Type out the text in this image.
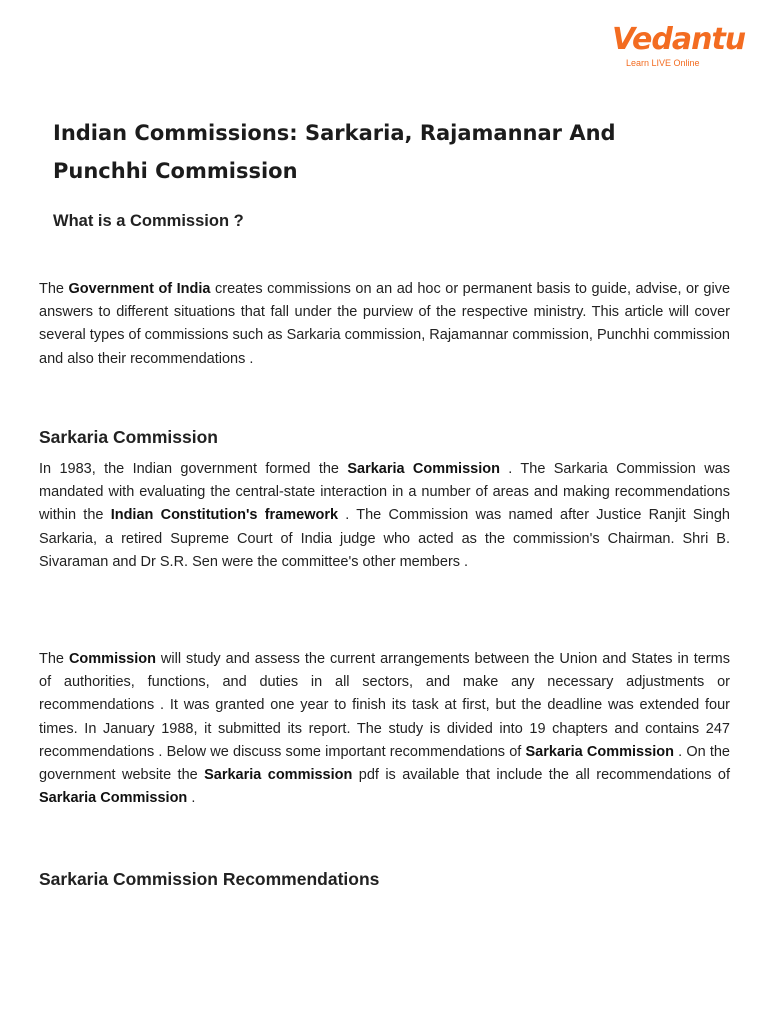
Vedantu
Learn LIVE Online
Indian Commissions: Sarkaria, Rajamannar And Punchhi Commission
What is a Commission ?

The Government of India creates commissions on an ad hoc or permanent basis to guide, advise, or give answers to different situations that fall under the purview of the respective ministry. This article will cover several types of commissions such as Sarkaria commission, Rajamannar commission, Punchhi commission and also their recommendations .

Sarkaria Commission

In 1983, the Indian government formed the Sarkaria Commission . The Sarkaria Commission was mandated with evaluating the central-state interaction in a number of areas and making recommendations within the Indian Constitution's framework . The Commission was named after Justice Ranjit Singh Sarkaria, a retired Supreme Court of India judge who acted as the commission's Chairman. Shri B. Sivaraman and Dr S.R. Sen were the committee's other members .

The Commission will study and assess the current arrangements between the Union and States in terms of authorities, functions, and duties in all sectors, and make any necessary adjustments or recommendations . It was granted one year to finish its task at first, but the deadline was extended four times. In January 1988, it submitted its report. The study is divided into 19 chapters and contains 247 recommendations . Below we discuss some important recommendations of Sarkaria Commission . On the government website the Sarkaria commission pdf is available that include the all recommendations of Sarkaria Commission .

Sarkaria Commission Recommendations
